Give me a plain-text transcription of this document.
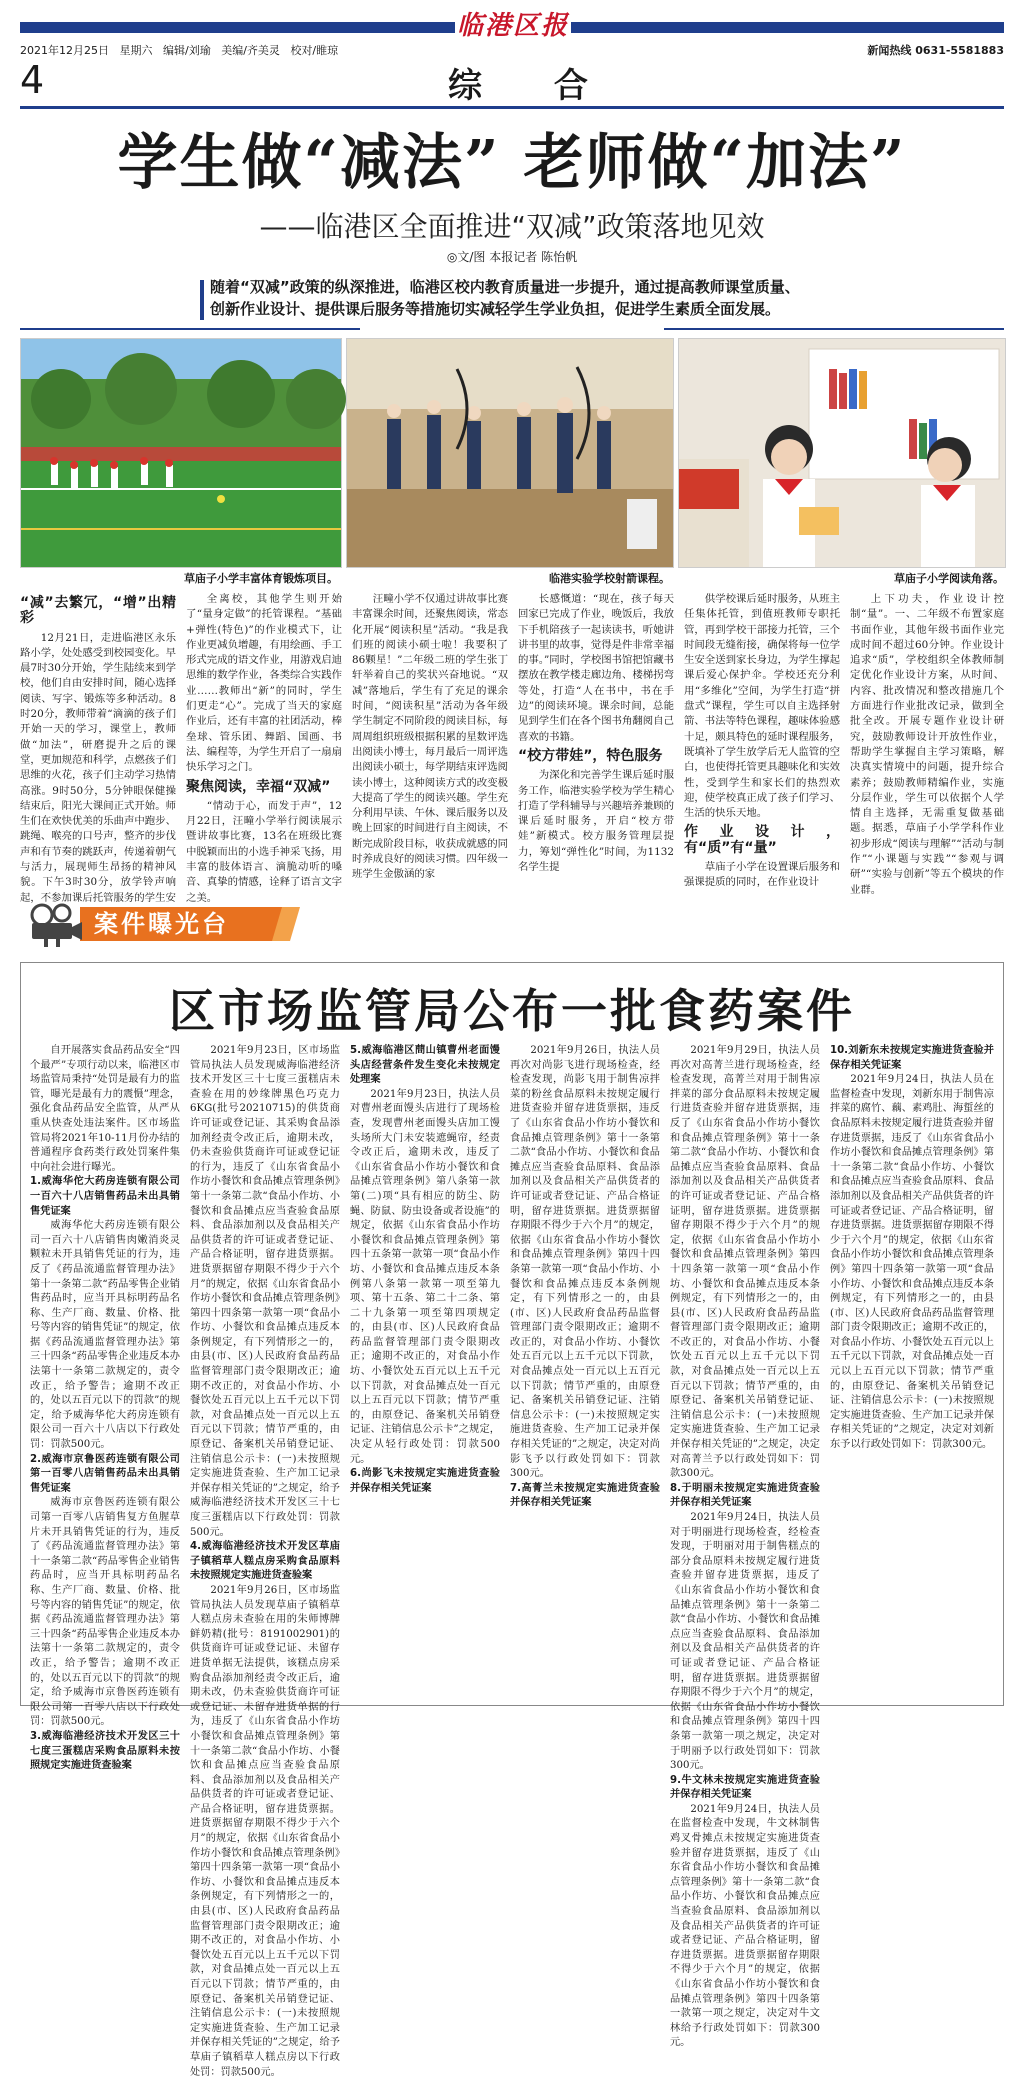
临港区报
2021年12月25日 星期六 编辑/刘瑜 美编/齐美灵 校对/睢琼	新闻热线 0631-5581883
4	综 合
学生做“减法” 老师做“加法”
——临港区全面推进“双减”政策落地见效
◎文/图 本报记者 陈怡帆
随着“双减”政策的纵深推进，临港区校内教育质量进一步提升，通过提高教师课堂质量、创新作业设计、提供课后服务等措施切实减轻学生学业负担，促进学生素质全面发展。
草庙子小学丰富体育锻炼项目。	临港实验学校射箭课程。	草庙子小学阅读角落。
“减”去繁冗，“增”出精彩

12月21日，走进临港区永乐路小学，处处感受到校园变化。早晨7时30分开始，学生陆续来到学校，他们自由安排时间，随心选择阅读、写字、锻炼等多种活动。8时20分，教师带着“滴滴的孩子们开始一天的学习，课堂上，教师做“加法”，研磨提升之后的课堂，更加规范和科学，点燃孩子们思维的火花，孩子们主动学习热情高涨。9时50分，5分钟眼保健操结束后，阳光大课间正式开始。师生们在欢快优美的乐曲声中跑步、跳绳、喉亮的口号声，整齐的步伐声和有节奏的跳跃声，传递着朝气与活力，展现师生昂扬的精神风貌。下午3时30分，放学铃声响起，不参加课后托管服务的学生安

全离校，其他学生则开始了“量身定做”的托管课程。“基础+弹性(特色)”的作业模式下，让作业更减负增趣，有用绘画、手工形式完成的语文作业，用游戏启迪思维的数学作业，各类综合实践作业……教师出“新”的同时，学生们更走“心”。完成了当天的家庭作业后，还有丰富的社团活动，棒垒球、管乐团、舞蹈、国画、书法、编程等，为学生开启了一扇扇快乐学习之门。

聚焦阅读，幸福“双减”

“情动于心，而发于声”，12月22日，汪疃小学举行阅读展示暨讲故事比赛，13名在班级比赛中脱颖而出的小选手神采飞扬，用丰富的肢体语言、滴脆动听的嗓音、真挚的情感，诠释了语言文字之美。

汪疃小学不仅通过讲故事比赛丰富课余时间，还聚焦阅读，常态化开展“阅读积星”活动。“我是我们班的阅读小硕士啦！我要积了86颗星！”二年级二班的学生张丁轩举着自己的奖状兴奋地说。“双减”落地后，学生有了充足的课余时间，“阅读积星”活动为各年级学生制定不同阶段的阅读目标，每周周组织班级根据积累的星数评选出阅读小博士，每月最后一周评选出阅读小硕士，每学期结束评选阅读小博士，这种阅读方式的改变极大提高了学生的阅读兴趣。学生充分利用早读、午休、课后服务以及晚上回家的时间进行自主阅读，不断完成阶段目标，收获成就感的同时养成良好的阅读习惯。四年级一班学生金傲涵的家

长感慨道：“现在，孩子每天回家已完成了作业，晚饭后，我放下手机陪孩子一起读读书，听她讲讲书里的故事，觉得是件非常幸福的事。”同时，学校图书馆把馆藏书摆放在教学楼走廊边角、楼梯拐弯等处，打造“人在书中，书在手边”的阅读环境。课余时间，总能见到学生们在各个图书角翻阅自己喜欢的书籍。

“校方带娃”，特色服务

为深化和完善学生课后延时服务工作，临港实验学校为学生精心打造了学科辅导与兴趣培养兼顾的课后延时服务，开启“校方带娃”新模式。校方服务管理层提力，筹划“弹性化”时间，为1132名学生提

供学校课后延时服务，从班主任集体托管，到值班教师专职托管，再到学校干部接力托管，三个时间段无缝衔接，确保将每一位学生安全送到家长身边，为学生撑起课后爱心保护伞。学校还充分利用“多维化”空间，为学生打造“拼盘式”课程，学生可以自主选择射箭、书法等特色课程，趣味体验感十足，颇具特色的延时课程服务，既填补了学生放学后无人监管的空白，也使得托管更具趣味化和实效性，受到学生和家长们的热烈欢迎，使学校真正成了孩子们学习、生活的快乐天地。

作业设计，有“质”有“量”

草庙子小学在设置课后服务和强课提质的同时，在作业设计

上下功夫，作业设计控制“量”。一、二年级不布置家庭书面作业，其他年级书面作业完成时间不超过60分钟。作业设计追求“质”，学校组织全体教师制定优化作业设计方案，从时间、内容、批改情况和整改措施几个方面进行作业批改记录，做到全批全改。开展专题作业设计研究，鼓励教师设计开放性作业，帮助学生掌握自主学习策略，解决真实情境中的问题，提升综合素养；鼓励教师精编作业，实施分层作业，学生可以依据个人学情自主选择，无需重复做基础题。据悉，草庙子小学学科作业初步形成“阅读与理解”“活动与制作”“小课题与实践”“参观与调研”“实验与创新”等五个模块的作业群。

案件曝光台
区市场监管局公布一批食药案件

自开展落实食品药品安全“四个最严”专项行动以来，临港区市场监管局秉持“处罚是最有力的监管，曝光是最有力的震慑”理念，强化食品药品安全监管，从严从重从快查处违法案件。区市场监管局将2021年10-11月份办结的普通程序食药类行政处罚案件集中向社会进行曝光。

1.威海华佗大药房连锁有限公司一百六十八店销售药品未出具销售凭证案

威海华佗大药房连锁有限公司一百六十八店销售肉嫩消炎灵颗粒未开具销售凭证的行为，违反了《药品流通监督管理办法》第十一条第二款“药品零售企业销售药品时，应当开具标明药品名称、生产厂商、数量、价格、批号等内容的销售凭证”的规定，依据《药品流通监督管理办法》第三十四条“药品零售企业违反本办法第十一条第二款规定的，责令改正，给予警告；逾期不改正的，处以五百元以下的罚款”的规定，给予威海华佗大药房连锁有限公司一百六十八店以下行政处罚：罚款500元。

2.威海市京鲁医药连锁有限公司第一百零八店销售药品未出具销售凭证案

威海市京鲁医药连锁有限公司第一百零八店销售复方鱼腥草片未开具销售凭证的行为，违反了《药品流通监督管理办法》第十一条第二款“药品零售企业销售药品时，应当开具标明药品名称、生产厂商、数量、价格、批号等内容的销售凭证”的规定，依据《药品流通监督管理办法》第三十四条“药品零售企业违反本办法第十一条第二款规定的，责令改正，给予警告；逾期不改正的，处以五百元以下的罚款”的规定，给予威海市京鲁医药连锁有限公司第一百零八店以下行政处罚：罚款500元。

3.威海临港经济技术开发区三十七度三蛋糕店采购食品原料未按照规定实施进货查验案

2021年9月23日，区市场监管局执法人员发现威海临港经济技术开发区三十七度三蛋糕店未查验在用的妙缘牌黑色巧克力6KG(批号20210715)的供货商许可证或登记证、其采购食品添加剂经责令改正后，逾期未改，仍未查验供货商许可证或登记证的行为，违反了《山东省食品小作坊小餐饮和食品摊点管理条例》第十一条第二款“食品小作坊、小餐饮和食品摊点应当查验食品原料、食品添加剂以及食品相关产品供货者的许可证或者登记证、产品合格证明，留存进货票据。进货票据留存期限不得少于六个月”的规定，依据《山东省食品小作坊小餐饮和食品摊点管理条例》第四十四条第一款第一项“食品小作坊、小餐饮和食品摊点违反本条例规定，有下列情形之一的，由县(市、区)人民政府食品药品监督管理部门责令限期改正；逾期不改正的，对食品小作坊、小餐饮处五百元以上五千元以下罚款，对食品摊点处一百元以上五百元以下罚款；情节严重的，由原登记、备案机关吊销登记证、注销信息公示卡：(一)未按照规定实施进货查验、生产加工记录并保存相关凭证的”之规定，给予威海临港经济技术开发区三十七度三蛋糕店以下行政处罚：罚款500元。

4.威海临港经济技术开发区草庙子镇稻草人糕点房采购食品原料未按照规定实施进货查验案

2021年9月26日，区市场监管局执法人员发现草庙子镇稻草人糕点房未查验在用的朱师博牌鲜奶精(批号：8191002901)的供货商许可证或登记证、未留存进货单据无法提供，该糕点房采购食品添加剂经责令改正后，逾期未改，仍未查验供货商许可证或登记证、未留存进货单据的行为，违反了《山东省食品小作坊小餐饮和食品摊点管理条例》第十一条第二款“食品小作坊、小餐饮和食品摊点应当查验食品原料、食品添加剂以及食品相关产品供货者的许可证或者登记证、产品合格证明，留存进货票据。进货票据留存期限不得少于六个月”的规定，依据《山东省食品小作坊小餐饮和食品摊点管理条例》第四十四条第一款第一项“食品小作坊、小餐饮和食品摊点违反本条例规定，有下列情形之一的，由县(市、区)人民政府食品药品监督管理部门责令限期改正；逾期不改正的，对食品小作坊、小餐饮处五百元以上五千元以下罚款，对食品摊点处一百元以上五百元以下罚款；情节严重的，由原登记、备案机关吊销登记证、注销信息公示卡：(一)未按照规定实施进货查验、生产加工记录并保存相关凭证的”之规定，给予草庙子镇稻草人糕点房以下行政处罚：罚款500元。

5.威海临港区蔄山镇曹州老面馒头店经营条件发生变化未按规定处理案

2021年9月23日，执法人员对曹州老面馒头店进行了现场检查，发现曹州老面馒头店加工馒头场所大门未安装遮蝇帘，经责令改正后，逾期未改，违反了《山东省食品小作坊小餐饮和食品摊点管理条例》第八条第一款第(二)项“具有相应的防尘、防蝇、防鼠、防虫设备或者设施”的规定，依据《山东省食品小作坊小餐饮和食品摊点管理条例》第四十五条第一款第一项“食品小作坊、小餐饮和食品摊点违反本条例第八条第一款第一项至第九项、第十五条、第二十二条、第二十九条第一项至第四项规定的，由县(市、区)人民政府食品药品监督管理部门责令限期改正；逾期不改正的，对食品小作坊、小餐饮处五百元以上五千元以下罚款，对食品摊点处一百元以上五百元以下罚款；情节严重的，由原登记、备案机关吊销登记证、注销信息公示卡”之规定，决定从轻行政处罚：罚款500元。

6.尚影飞未按规定实施进货查验并保存相关凭证案

2021年9月26日，执法人员再次对尚影飞进行现场检查，经检查发现，尚影飞用于制售凉拌菜的粉丝食品原料未按规定履行进货查验并留存进货票据，违反了《山东省食品小作坊小餐饮和食品摊点管理条例》第十一条第二款“食品小作坊、小餐饮和食品摊点应当查验食品原料、食品添加剂以及食品相关产品供货者的许可证或者登记证、产品合格证明，留存进货票据。进货票据留存期限不得少于六个月”的规定，依据《山东省食品小作坊小餐饮和食品摊点管理条例》第四十四条第一款第一项“食品小作坊、小餐饮和食品摊点违反本条例规定，有下列情形之一的，由县(市、区)人民政府食品药品监督管理部门责令限期改正；逾期不改正的，对食品小作坊、小餐饮处五百元以上五千元以下罚款，对食品摊点处一百元以上五百元以下罚款；情节严重的，由原登记、备案机关吊销登记证、注销信息公示卡：(一)未按照规定实施进货查验、生产加工记录并保存相关凭证的”之规定，决定对尚影飞予以行政处罚如下：罚款300元。

7.高菁兰未按规定实施进货查验并保存相关凭证案

2021年9月29日，执法人员再次对高菁兰进行现场检查，经检查发现，高菁兰对用于制售凉拌菜的部分食品原料未按规定履行进货查验并留存进货票据，违反了《山东省食品小作坊小餐饮和食品摊点管理条例》第十一条第二款“食品小作坊、小餐饮和食品摊点应当查验食品原料、食品添加剂以及食品相关产品供货者的许可证或者登记证、产品合格证明，留存进货票据。进货票据留存期限不得少于六个月”的规定，依据《山东省食品小作坊小餐饮和食品摊点管理条例》第四十四条第一款第一项“食品小作坊、小餐饮和食品摊点违反本条例规定，有下列情形之一的，由县(市、区)人民政府食品药品监督管理部门责令限期改正；逾期不改正的，对食品小作坊、小餐饮处五百元以上五千元以下罚款，对食品摊点处一百元以上五百元以下罚款；情节严重的，由原登记、备案机关吊销登记证、注销信息公示卡：(一)未按照规定实施进货查验、生产加工记录并保存相关凭证的”之规定，决定对高菁兰予以行政处罚如下：罚款300元。

8.于明丽未按规定实施进货查验并保存相关凭证案

2021年9月24日，执法人员对于明丽进行现场检查，经检查发现，于明丽对用于制售糕点的部分食品原料未按规定履行进货查验并留存进货票据，违反了《山东省食品小作坊小餐饮和食品摊点管理条例》第十一条第二款“食品小作坊、小餐饮和食品摊点应当查验食品原料、食品添加剂以及食品相关产品供货者的许可证或者登记证、产品合格证明，留存进货票据。进货票据留存期限不得少于六个月”的规定，依据《山东省食品小作坊小餐饮和食品摊点管理条例》第四十四条第一款第一项之规定，决定对于明丽予以行政处罚如下：罚款300元。

9.牛文林未按规定实施进货查验并保存相关凭证案

2021年9月24日，执法人员在监督检查中发现，牛文林制售鸡叉骨摊点未按规定实施进货查验并留存进货票据，违反了《山东省食品小作坊小餐饮和食品摊点管理条例》第十一条第二款“食品小作坊、小餐饮和食品摊点应当查验食品原料、食品添加剂以及食品相关产品供货者的许可证或者登记证、产品合格证明，留存进货票据。进货票据留存期限不得少于六个月”的规定，依据《山东省食品小作坊小餐饮和食品摊点管理条例》第四十四条第一款第一项之规定，决定对牛文林给予行政处罚如下：罚款300元。

10.刘新东未按规定实施进货查验并保存相关凭证案

2021年9月24日，执法人员在监督检查中发现，刘新东用于制售凉拌菜的腐竹、藕、素鸡肚、海蜇丝的食品原料未按规定履行进货查验并留存进货票据，违反了《山东省食品小作坊小餐饮和食品摊点管理条例》第十一条第二款“食品小作坊、小餐饮和食品摊点应当查验食品原料、食品添加剂以及食品相关产品供货者的许可证或者登记证、产品合格证明，留存进货票据。进货票据留存期限不得少于六个月”的规定，依据《山东省食品小作坊小餐饮和食品摊点管理条例》第四十四条第一款第一项“食品小作坊、小餐饮和食品摊点违反本条例规定，有下列情形之一的，由县(市、区)人民政府食品药品监督管理部门责令限期改正；逾期不改正的，对食品小作坊、小餐饮处五百元以上五千元以下罚款，对食品摊点处一百元以上五百元以下罚款；情节严重的，由原登记、备案机关吊销登记证、注销信息公示卡：(一)未按照规定实施进货查验、生产加工记录并保存相关凭证的”之规定，决定对刘新东予以行政处罚如下：罚款300元。
